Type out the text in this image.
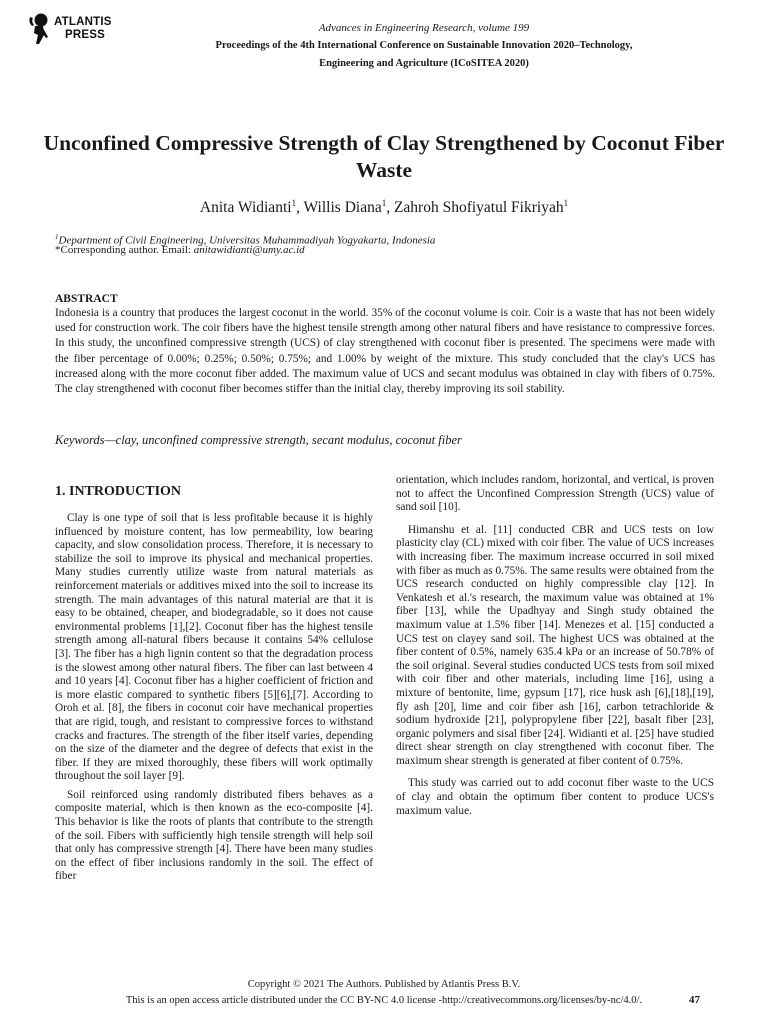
ATLANTIS
PRESS
Advances in Engineering Research, volume 199
Proceedings of the 4th International Conference on Sustainable Innovation 2020–Technology,
Engineering and Agriculture (ICoSITEA 2020)
Unconfined Compressive Strength of Clay Strengthened by Coconut Fiber Waste
Anita Widianti$^1$, Willis Diana$^1$, Zahroh Shofiyatul Fikriyah$^1$
$^1$Department of Civil Engineering, Universitas Muhammadiyah Yogyakarta, Indonesia
*Corresponding author. Email: anitawidianti@umy.ac.id
ABSTRACT
Indonesia is a country that produces the largest coconut in the world. 35% of the coconut volume is coir. Coir is a waste that has not been widely used for construction work. The coir fibers have the highest tensile strength among other natural fibers and have resistance to compressive forces. In this study, the unconfined compressive strength (UCS) of clay strengthened with coconut fiber is presented. The specimens were made with the fiber percentage of 0.00%; 0.25%; 0.50%; 0.75%; and 1.00% by weight of the mixture. This study concluded that the clay's UCS has increased along with the more coconut fiber added. The maximum value of UCS and secant modulus was obtained in clay with fibers of 0.75%. The clay strengthened with coconut fiber becomes stiffer than the initial clay, thereby improving its soil stability.
Keywords—clay, unconfined compressive strength, secant modulus, coconut fiber
1. INTRODUCTION

Clay is one type of soil that is less profitable because it is highly influenced by moisture content, has low permeability, low bearing capacity, and slow consolidation process. Therefore, it is necessary to stabilize the soil to improve its physical and mechanical properties. Many studies currently utilize waste from natural materials as reinforcement materials or additives mixed into the soil to increase its strength. The main advantages of this natural material are that it is easy to be obtained, cheaper, and biodegradable, so it does not cause environmental problems [1],[2]. Coconut fiber has the highest tensile strength among all-natural fibers because it contains 54% cellulose [3]. The fiber has a high lignin content so that the degradation process is the slowest among other natural fibers. The fiber can last between 4 and 10 years [4]. Coconut fiber has a higher coefficient of friction and is more elastic compared to synthetic fibers [5][6],[7]. According to Oroh et al. [8], the fibers in coconut coir have mechanical properties that are rigid, tough, and resistant to compressive forces to withstand cracks and fractures. The strength of the fiber itself varies, depending on the size of the diameter and the degree of defects that exist in the fiber. If they are mixed thoroughly, these fibers will work optimally throughout the soil layer [9].

Soil reinforced using randomly distributed fibers behaves as a composite material, which is then known as the eco-composite [4]. This behavior is like the roots of plants that contribute to the strength of the soil. Fibers with sufficiently high tensile strength will help soil that only has compressive strength [4]. There have been many studies on the effect of fiber inclusions randomly in the soil. The effect of fiber

orientation, which includes random, horizontal, and vertical, is proven not to affect the Unconfined Compression Strength (UCS) value of sand soil [10].

Himanshu et al. [11] conducted CBR and UCS tests on low plasticity clay (CL) mixed with coir fiber. The value of UCS increases with increasing fiber. The maximum increase occurred in soil mixed with fiber as much as 0.75%. The same results were obtained from the UCS research conducted on highly compressible clay [12]. In Venkatesh et al.'s research, the maximum value was obtained at 1% fiber [13], while the Upadhyay and Singh study obtained the maximum value at 1.5% fiber [14]. Menezes et al. [15] conducted a UCS test on clayey sand soil. The highest UCS was obtained at the fiber content of 0.5%, namely 635.4 kPa or an increase of 50.78% of the soil original. Several studies conducted UCS tests from soil mixed with coir fiber and other materials, including lime [16], using a mixture of bentonite, lime, gypsum [17], rice husk ash [6],[18],[19], fly ash [20], lime and coir fiber ash [16], carbon tetrachloride & sodium hydroxide [21], polypropylene fiber [22], basalt fiber [23], organic polymers and sisal fiber [24]. Widianti et al. [25] have studied direct shear strength on clay strengthened with coconut fiber. The maximum shear strength is generated at fiber content of 0.75%.

This study was carried out to add coconut fiber waste to the UCS of clay and obtain the optimum fiber content to produce UCS's maximum value.

Copyright © 2021 The Authors. Published by Atlantis Press B.V.
This is an open access article distributed under the CC BY-NC 4.0 license -http://creativecommons.org/licenses/by-nc/4.0/.	47
